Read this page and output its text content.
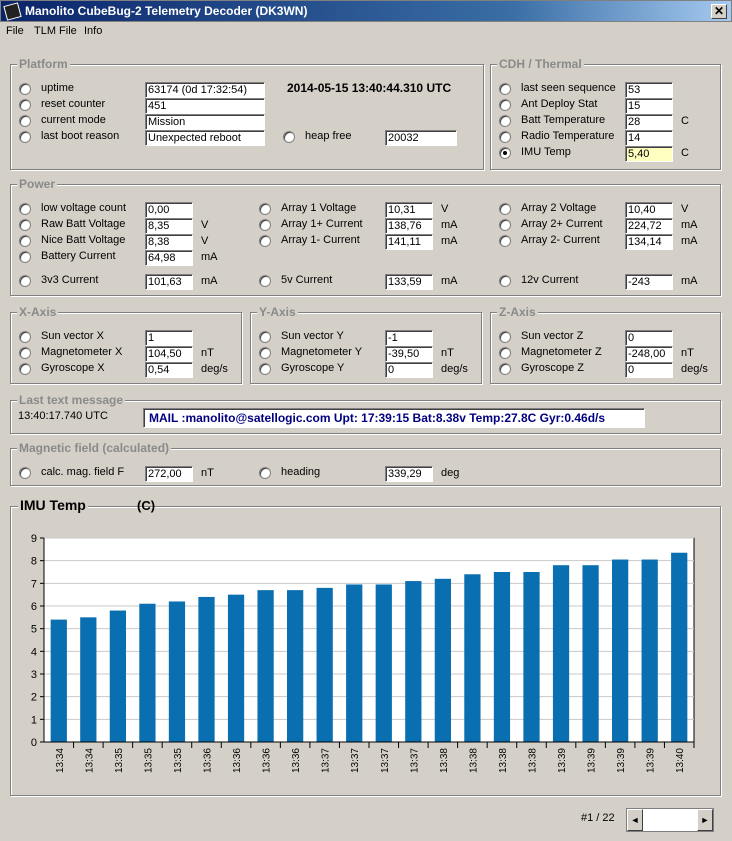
Manolito CubeBug-2 Telemetry Decoder (DK3WN)	✕
File TLM File Info
Platform
uptime	63174 (0d 17:32:54)
reset counter	451
current mode	Mission
last boot reason	Unexpected reboot
2014-05-15 13:40:44.310 UTC
heap free	20032
CDH / Thermal
last seen sequence 53
Ant Deploy Stat	15
Batt Temperature 28	C
Radio Temperature 14
IMU Temp	5,40	C
Power
low voltage count 0,00
Raw Batt Voltage 8,35	V
Nice Batt Voltage 8,38	V
Battery Current	64,98	mA
3v3 Current	101,63	mA
Array 1 Voltage	10,31	V
Array 1+ Current 138,76	mA
Array 1- Current	141,11	mA
5v Current	133,59	mA
Array 2 Voltage	10,40	V
Array 2+ Current 224,72	mA
Array 2- Current	134,14	mA
12v Current	-243	mA
X-Axis
Sun vector X	1
Magnetometer X 104,50	nT
Gyroscope X	0,54	deg/s
Y-Axis
Sun vector Y	-1
Magnetometer Y -39,50	nT
Gyroscope Y	0	deg/s
Z-Axis
Sun vector Z	0
Magnetometer Z -248,00	nT
Gyroscope Z	0	deg/s
Last text message
13:40:17.740 UTC	MAIL :manolito@satellogic.com Upt: 17:39:15 Bat:8.38v Temp:27.8C Gyr:0.46d/s
Magnetic field (calculated)
calc. mag. field F 272,00	nT	heading	339,29	deg
IMU Temp	(C)
0
1
2
3
4
5
6
7
8
9
13:34 13:34 13:35 13:35 13:35 13:36 13:36 13:36 13:36 13:37 13:37 13:37 13:37 13:38 13:38 13:38 13:38 13:39 13:39 13:39 13:39 13:40
#1 / 22	◄	►
